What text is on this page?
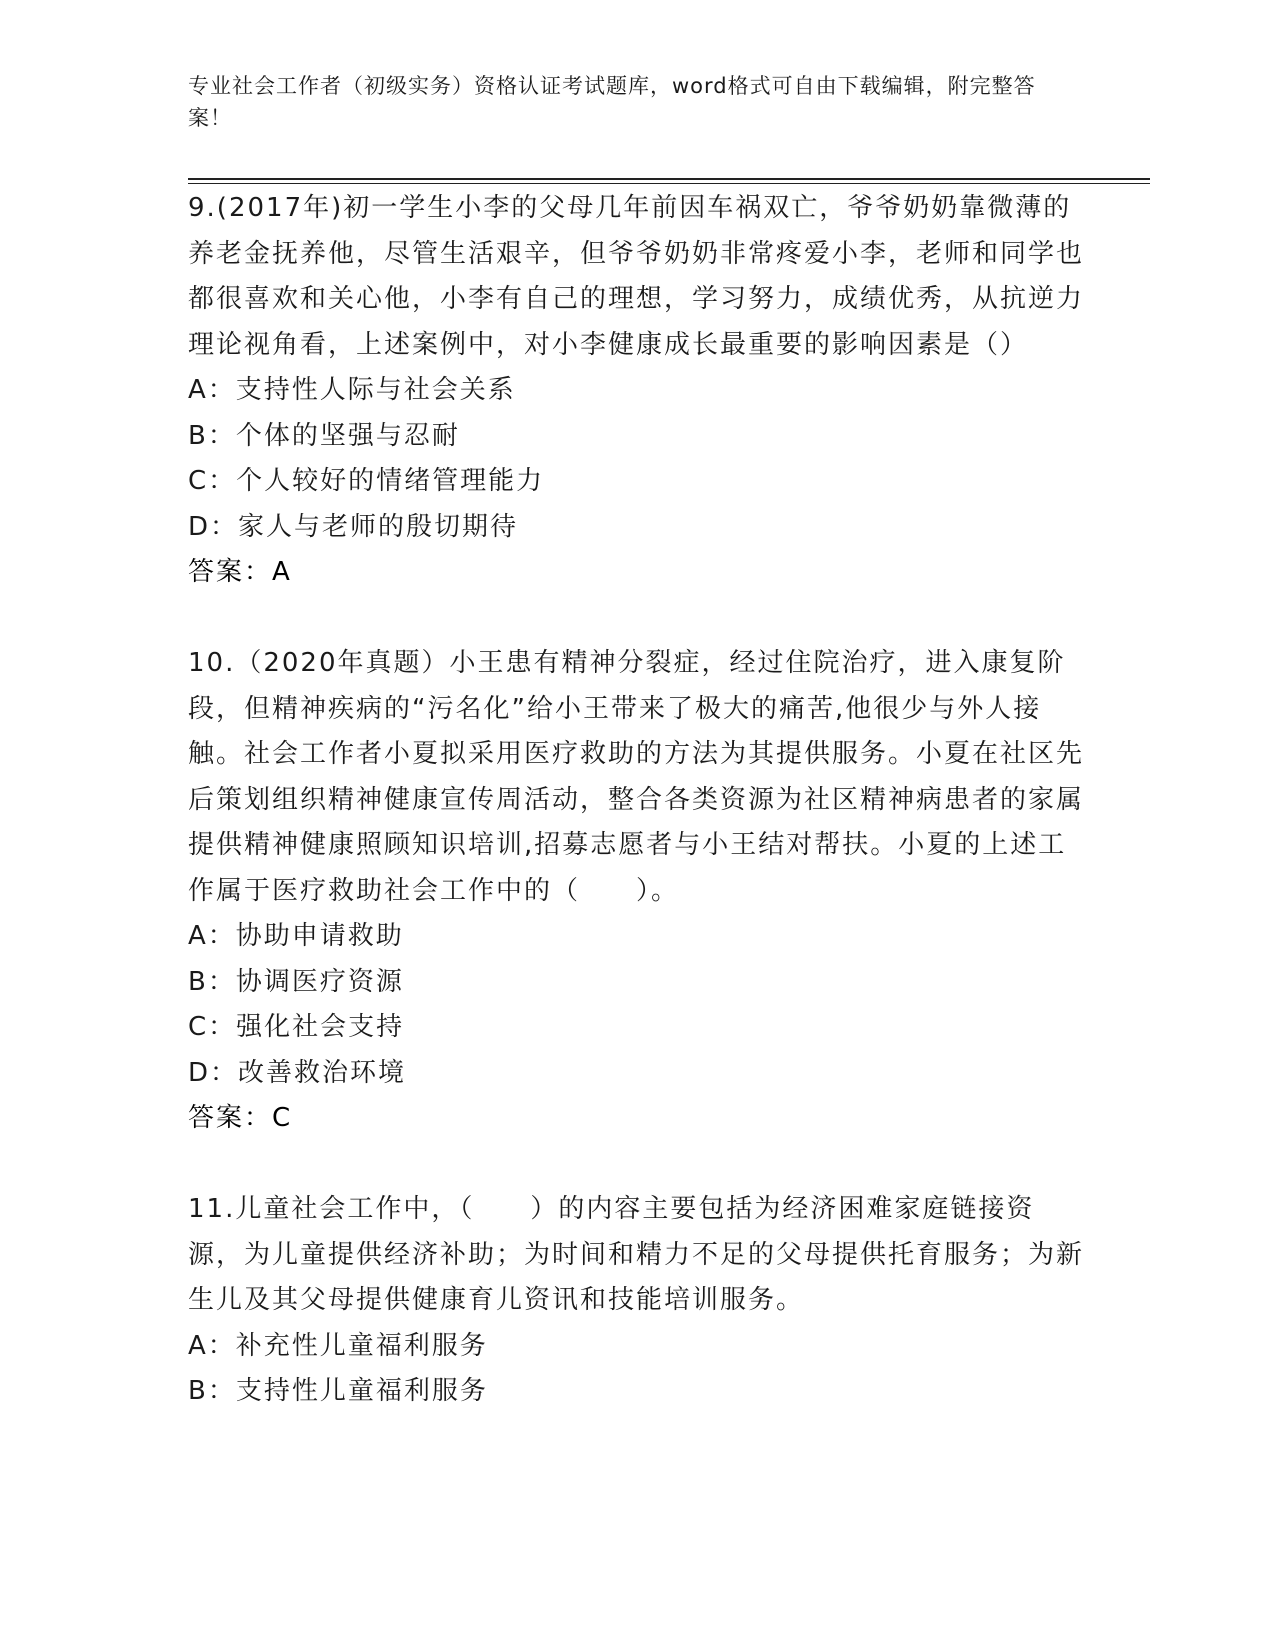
专业社会工作者（初级实务）资格认证考试题库，word格式可自由下载编辑，附完整答案！

9.(2017年)初一学生小李的父母几年前因车祸双亡，爷爷奶奶靠微薄的养老金抚养他，尽管生活艰辛，但爷爷奶奶非常疼爱小李，老师和同学也都很喜欢和关心他，小李有自己的理想，学习努力，成绩优秀，从抗逆力理论视角看，上述案例中，对小李健康成长最重要的影响因素是（）

A：支持性人际与社会关系

B：个体的坚强与忍耐

C：个人较好的情绪管理能力

D：家人与老师的殷切期待

答案：A

10.（2020年真题）小王患有精神分裂症，经过住院治疗，进入康复阶段，但精神疾病的“污名化”给小王带来了极大的痛苦,他很少与外人接触。社会工作者小夏拟采用医疗救助的方法为其提供服务。小夏在社区先后策划组织精神健康宣传周活动，整合各类资源为社区精神病患者的家属提供精神健康照顾知识培训,招募志愿者与小王结对帮扶。小夏的上述工作属于医疗救助社会工作中的（　　）。

A：协助申请救助

B：协调医疗资源

C：强化社会支持

D：改善救治环境

答案：C

11.儿童社会工作中，（　　）的内容主要包括为经济困难家庭链接资源，为儿童提供经济补助；为时间和精力不足的父母提供托育服务；为新生儿及其父母提供健康育儿资讯和技能培训服务。

A：补充性儿童福利服务

B：支持性儿童福利服务
